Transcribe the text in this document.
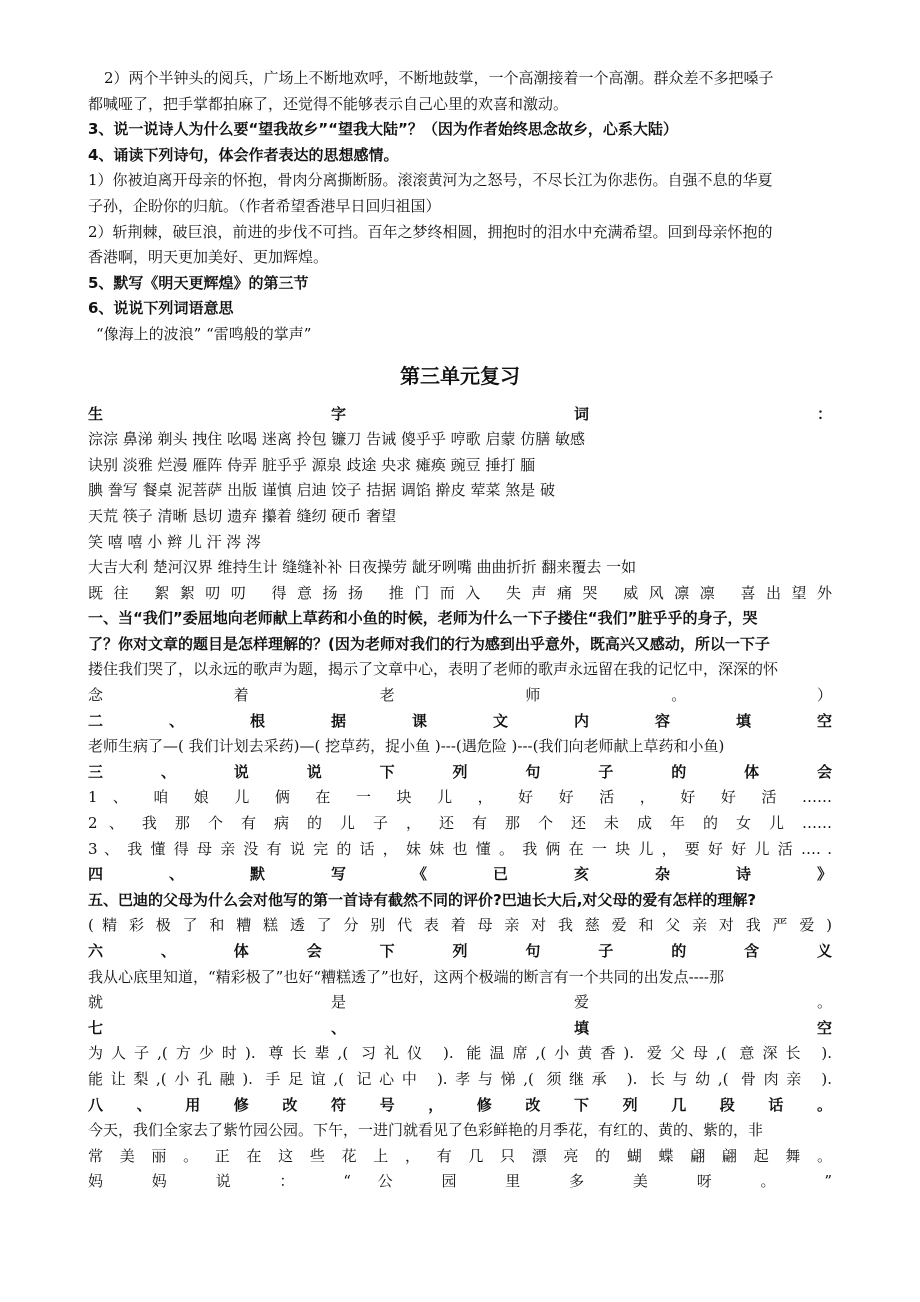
2）两个半钟头的阅兵，广场上不断地欢呼，不断地鼓掌，一个高潮接着一个高潮。群众差不多把嗓子
都喊哑了，把手掌都拍麻了，还觉得不能够表示自己心里的欢喜和激动。
3、说一说诗人为什么要“望我故乡”“望我大陆”？（因为作者始终思念故乡，心系大陆）
4、诵读下列诗句，体会作者表达的思想感情。
1）你被迫离开母亲的怀抱，骨肉分离撕断肠。滚滚黄河为之怒号，不尽长江为你悲伤。自强不息的华夏
子孙，企盼你的归航。（作者希望香港早日回归祖国）
2）斩荆棘，破巨浪，前进的步伐不可挡。百年之梦终相圆，拥抱时的泪水中充满希望。回到母亲怀抱的
香港啊，明天更加美好、更加辉煌。
5、默写《明天更辉煌》的第三节
6、说说下列词语意思
“像海上的波浪” “雷鸣般的掌声”
第三单元复习
生 字 词 ：
淙淙 鼻涕 剃头 拽住 吆喝 迷离 拎包 镰刀 告诫 傻乎乎 哼歌 启蒙 仿膳 敏感
诀别 淡雅 烂漫 雁阵 侍弄 脏乎乎 源泉 歧途 央求 瘫痪 豌豆 捶打 腼
腆 誊写 餐桌 泥菩萨 出版 谨慎 启迪 饺子 拮据 调馅 擀皮 荤菜 煞是 破
天荒 筷子 清晰 恳切 遗弃 攥着 缝纫 硬币 奢望
笑 嘻 嘻 小 辫 儿 汗 涔 涔
大吉大利 楚河汉界 维持生计 缝缝补补 日夜操劳 龇牙咧嘴 曲曲折折 翻来覆去 一如
既往 絮絮叨叨 得意扬扬 推门而入 失声痛哭 威风凛凛 喜出望外
一、当“我们”委屈地向老师献上草药和小鱼的时候，老师为什么一下子搂住“我们”脏乎乎的身子，哭
了？你对文章的题目是怎样理解的？(因为老师对我们的行为感到出乎意外，既高兴又感动，所以一下子
搂住我们哭了，以永远的歌声为题，揭示了文章中心，表明了老师的歌声永远留在我的记忆中，深深的怀
念 着 老 师 。 ）
二 、 根 据 课 文 内 容 填 空
老师生病了—( 我们计划去采药)—( 挖草药，捉小鱼 )---(遇危险 )---(我们向老师献上草药和小鱼)
三 、 说 说 下 列 句 子 的 体 会
1 、 咱 娘 儿 俩 在 一 块 儿 ， 好 好 活 ， 好 好 活 ……
2 、 我 那 个 有 病 的 儿 子 ， 还 有 那 个 还 未 成 年 的 女 儿 ……
3 、 我 懂 得 母 亲 没 有 说 完 的 话 ， 妹 妹 也 懂 。 我 俩 在 一 块 儿 ， 要 好 好 儿 活 …. .
四 、 默 写 《 已 亥 杂 诗 》
五、巴迪的父母为什么会对他写的第一首诗有截然不同的评价?巴迪长大后,对父母的爱有怎样的理解?
( 精 彩 极 了 和 糟 糕 透 了 分 别 代 表 着 母 亲 对 我 慈 爱 和 父 亲 对 我 严 爱 )
六 、 体 会 下 列 句 子 的 含 义
我从心底里知道，“精彩极了”也好“糟糕透了”也好，这两个极端的断言有一个共同的出发点----那
就 是 爱 。
七 、 填 空
为人子,(方少时). 尊长辈,( 习礼仪 ). 能温席,(小黄香). 爱父母,( 意深长 ).
能让梨,(小孔融). 手足谊,( 记心中 ).孝与悌,( 须继承 ). 长与幼,( 骨肉亲 ).
八 、 用 修 改 符 号 ， 修 改 下 列 几 段 话 。
今天，我们全家去了紫竹园公园。下午，一进门就看见了色彩鲜艳的月季花，有红的、黄的、紫的，非
常 美 丽 。 正 在 这 些 花 上 ， 有 几 只 漂 亮 的 蝴 蝶 翩 翩 起 舞 。
妈 妈 说 ： “ 公 园 里 多 美 呀 。 ”
